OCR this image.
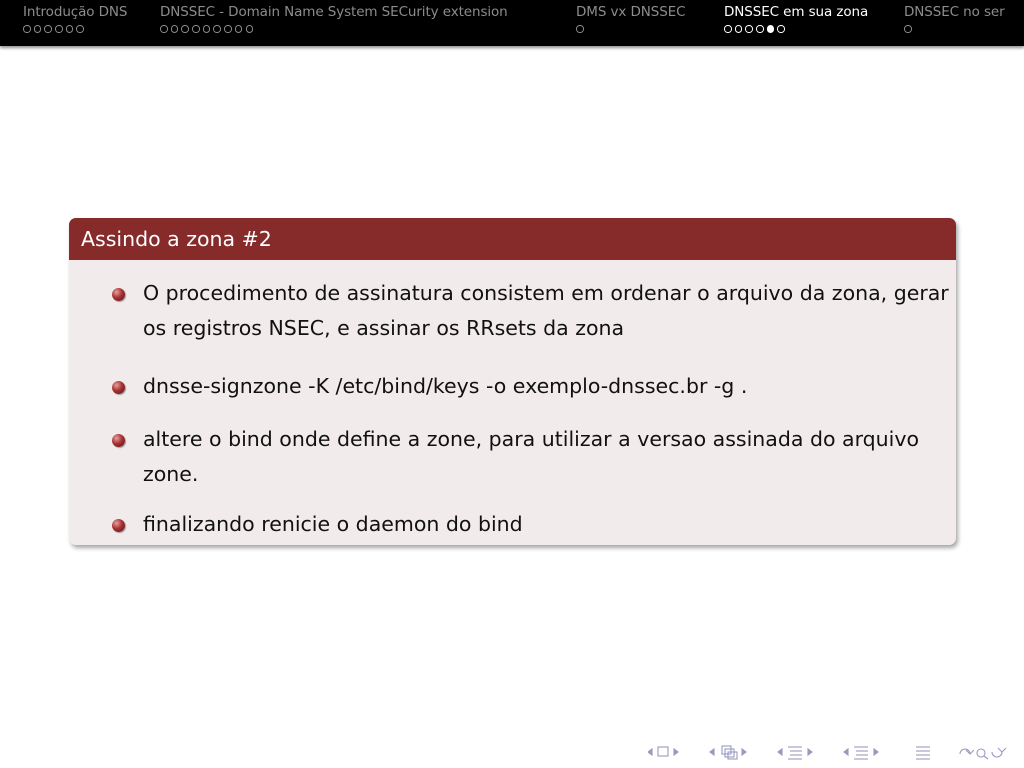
Introdução DNS DNSSEC - Domain Name System SECurity extension	DMS vx DNSSEC	DNSSEC em sua zona	DNSSEC no ser
Assindo a zona #2
O procedimento de assinatura consistem em ordenar o arquivo da zona, gerar os registros NSEC, e assinar os RRsets da zona
dnsse-signzone -K /etc/bind/keys -o exemplo-dnssec.br -g .
altere o bind onde define a zone, para utilizar a versao assinada do arquivo zone.
finalizando renicie o daemon do bind
